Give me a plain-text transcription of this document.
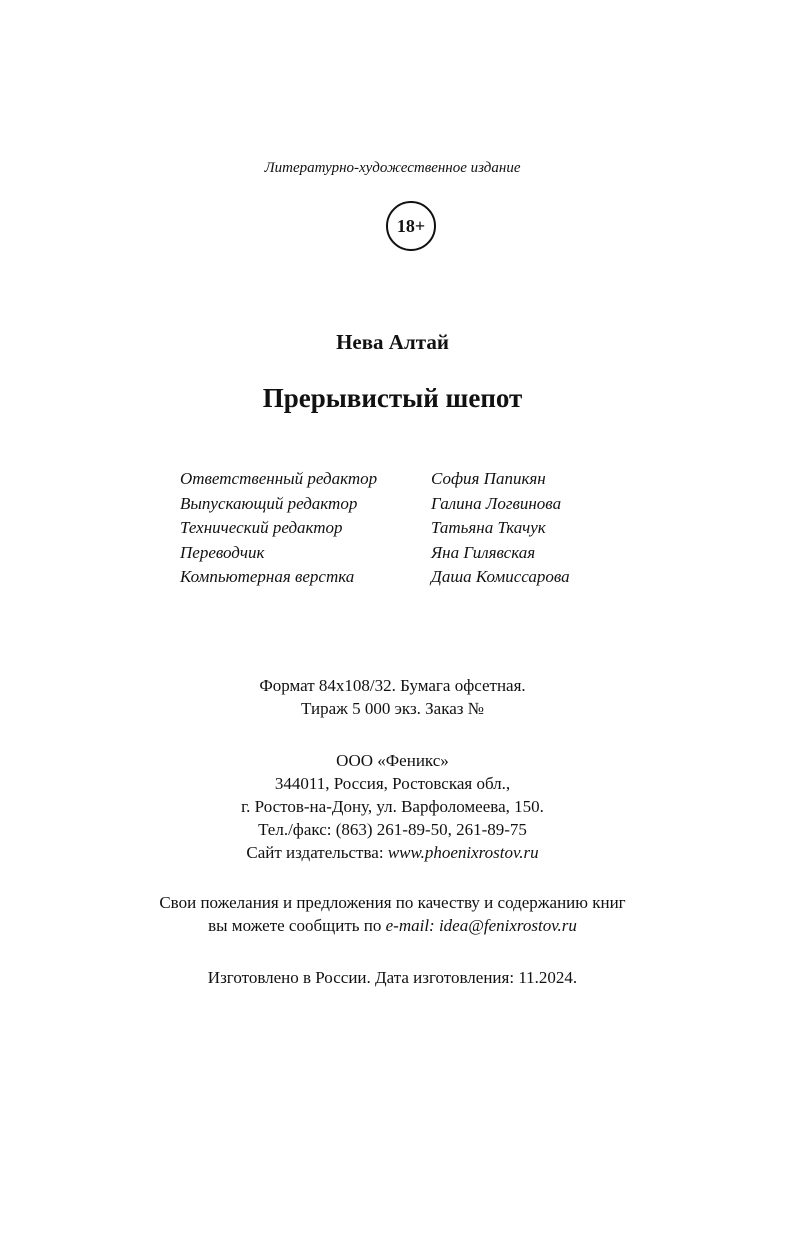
Литературно-художественное издание
18+
Нева Алтай
Прерывистый шепот
Ответственный редактор	София Папикян
Выпускающий редактор	Галина Логвинова
Технический редактор	Татьяна Ткачук
Переводчик	Яна Гилявская
Компьютерная верстка	Даша Комиссарова
Формат 84x108/32. Бумага офсетная.
Тираж 5 000 экз. Заказ №
ООО «Феникс»
344011, Россия, Ростовская обл.,
г. Ростов-на-Дону, ул. Варфоломеева, 150.
Тел./факс: (863) 261-89-50, 261-89-75
Сайт издательства: www.phoenixrostov.ru
Свои пожелания и предложения по качеству и содержанию книг
вы можете сообщить по e-mail: idea@fenixrostov.ru
Изготовлено в России. Дата изготовления: 11.2024.
